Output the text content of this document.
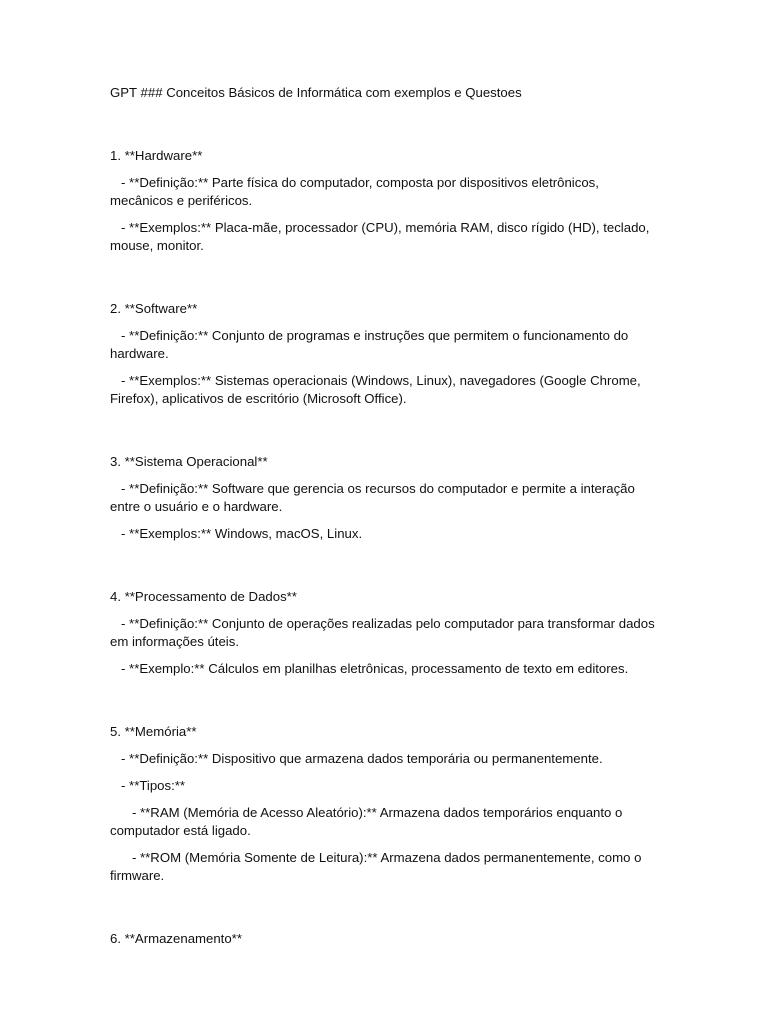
GPT ### Conceitos Básicos de Informática com exemplos e Questoes

1. **Hardware**

- **Definição:** Parte física do computador, composta por dispositivos eletrônicos, mecânicos e periféricos.

- **Exemplos:** Placa-mãe, processador (CPU), memória RAM, disco rígido (HD), teclado, mouse, monitor.

2. **Software**

- **Definição:** Conjunto de programas e instruções que permitem o funcionamento do hardware.

- **Exemplos:** Sistemas operacionais (Windows, Linux), navegadores (Google Chrome, Firefox), aplicativos de escritório (Microsoft Office).

3. **Sistema Operacional**

- **Definição:** Software que gerencia os recursos do computador e permite a interação entre o usuário e o hardware.

- **Exemplos:** Windows, macOS, Linux.

4. **Processamento de Dados**

- **Definição:** Conjunto de operações realizadas pelo computador para transformar dados em informações úteis.

- **Exemplo:** Cálculos em planilhas eletrônicas, processamento de texto em editores.

5. **Memória**

- **Definição:** Dispositivo que armazena dados temporária ou permanentemente.

- **Tipos:**

- **RAM (Memória de Acesso Aleatório):** Armazena dados temporários enquanto o computador está ligado.

- **ROM (Memória Somente de Leitura):** Armazena dados permanentemente, como o firmware.

6. **Armazenamento**
